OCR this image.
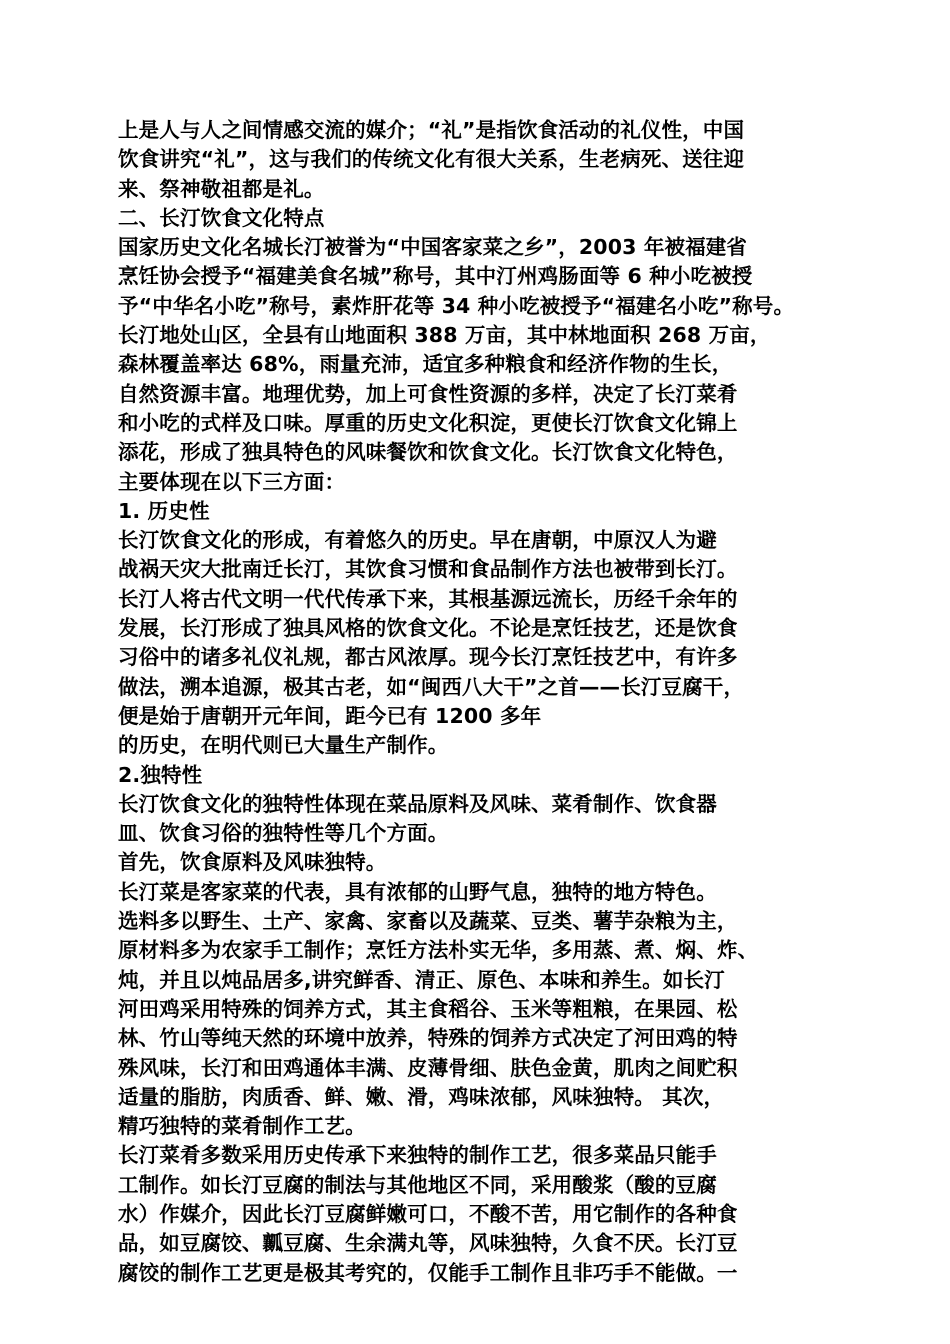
上是人与人之间情感交流的媒介；“礼”是指饮食活动的礼仪性，中国
饮食讲究“礼”，这与我们的传统文化有很大关系，生老病死、送往迎
来、祭神敬祖都是礼。
二、长汀饮食文化特点
国家历史文化名城长汀被誉为“中国客家菜之乡”，2003 年被福建省
烹饪协会授予“福建美食名城”称号，其中汀州鸡肠面等 6 种小吃被授
予“中华名小吃”称号，素炸肝花等 34 种小吃被授予“福建名小吃”称号。
长汀地处山区，全县有山地面积 388 万亩，其中林地面积 268 万亩，
森林覆盖率达 68%，雨量充沛，适宜多种粮食和经济作物的生长，
自然资源丰富。地理优势，加上可食性资源的多样，决定了长汀菜肴
和小吃的式样及口味。厚重的历史文化积淀，更使长汀饮食文化锦上
添花，形成了独具特色的风味餐饮和饮食文化。长汀饮食文化特色，
主要体现在以下三方面：
1. 历史性
长汀饮食文化的形成，有着悠久的历史。早在唐朝，中原汉人为避
战祸天灾大批南迁长汀，其饮食习惯和食品制作方法也被带到长汀。
长汀人将古代文明一代代传承下来，其根基源远流长，历经千余年的
发展，长汀形成了独具风格的饮食文化。不论是烹饪技艺，还是饮食
习俗中的诸多礼仪礼规，都古风浓厚。现今长汀烹饪技艺中，有许多
做法，溯本追源，极其古老，如“闽西八大干”之首——长汀豆腐干，
便是始于唐朝开元年间，距今已有 1200 多年
的历史，在明代则已大量生产制作。
2.独特性
长汀饮食文化的独特性体现在菜品原料及风味、菜肴制作、饮食器
皿、饮食习俗的独特性等几个方面。
首先，饮食原料及风味独特。
长汀菜是客家菜的代表，具有浓郁的山野气息，独特的地方特色。
选料多以野生、土产、家禽、家畜以及蔬菜、豆类、薯芋杂粮为主，
原材料多为农家手工制作；烹饪方法朴实无华，多用蒸、煮、焖、炸、
炖，并且以炖品居多,讲究鲜香、清正、原色、本味和养生。如长汀
河田鸡采用特殊的饲养方式，其主食稻谷、玉米等粗粮，在果园、松
林、竹山等纯天然的环境中放养，特殊的饲养方式决定了河田鸡的特
殊风味，长汀和田鸡通体丰满、皮薄骨细、肤色金黄，肌肉之间贮积
适量的脂肪，肉质香、鲜、嫩、滑，鸡味浓郁，风味独特。 其次，
精巧独特的菜肴制作工艺。
长汀菜肴多数采用历史传承下来独特的制作工艺，很多菜品只能手
工制作。如长汀豆腐的制法与其他地区不同，采用酸浆（酸的豆腐
水）作媒介，因此长汀豆腐鲜嫩可口，不酸不苦，用它制作的各种食
品，如豆腐饺、瓤豆腐、生余满丸等，风味独特，久食不厌。长汀豆
腐饺的制作工艺更是极其考究的，仅能手工制作且非巧手不能做。一
